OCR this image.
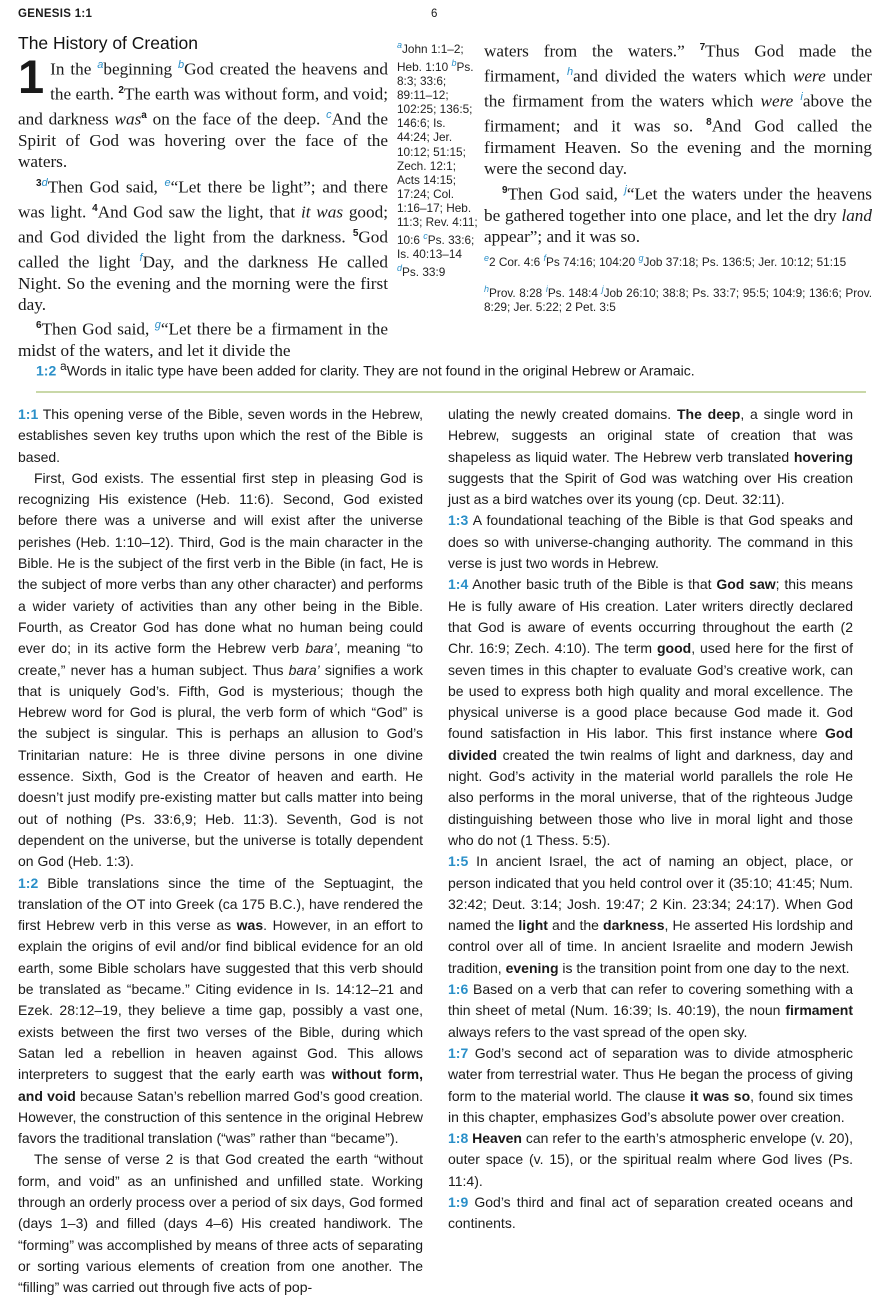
GENESIS 1:1	6
The History of Creation
1 In the $^a$beginning $^b$God created the heavens and the earth. $^2$The earth was without form, and void; and darkness was$^a$ on the face of the deep. $^c$And the Spirit of God was hovering over the face of the waters.

$^{3d}$Then God said, $^e$“Let there be light”; and there was light. $^4$And God saw the light, that it was good; and God divided the light from the darkness. $^5$God called the light $^f$Day, and the darkness He called Night. So the evening and the morning were the first day.

$^6$Then God said, $^g$“Let there be a firmament in the midst of the waters, and let it divide the

$^a$John 1:1–2; Heb. 1:10 $^b$Ps. 8:3; 33:6; 89:11–12; 102:25; 136:5; 146:6; Is. 44:24; Jer. 10:12; 51:15; Zech. 12:1; Acts 14:15; 17:24; Col. 1:16–17; Heb. 11:3; Rev. 4:11; 10:6 $^c$Ps. 33:6; Is. 40:13–14 $^d$Ps. 33:9

waters from the waters.” $^7$Thus God made the firmament, $^h$and divided the waters which were under the firmament from the waters which were $^i$above the firmament; and it was so. $^8$And God called the firmament Heaven. So the evening and the morning were the second day.

$^9$Then God said, $^j$“Let the waters under the heavens be gathered together into one place, and let the dry land appear”; and it was so.

$^e$2 Cor. 4:6 $^f$Ps 74:16; 104:20 $^g$Job 37:18; Ps. 136:5; Jer. 10:12; 51:15
$^h$Prov. 8:28 $^i$Ps. 148:4 $^j$Job 26:10; 38:8; Ps. 33:7; 95:5; 104:9; 136:6; Prov. 8:29; Jer. 5:22; 2 Pet. 3:5
1:2 $^a$Words in italic type have been added for clarity. They are not found in the original Hebrew or Aramaic.

1:1 This opening verse of the Bible, seven words in the Hebrew, establishes seven key truths upon which the rest of the Bible is based.

First, God exists. The essential first step in pleasing God is recognizing His existence (Heb. 11:6). Second, God existed before there was a universe and will exist after the universe perishes (Heb. 1:10–12). Third, God is the main character in the Bible. He is the subject of the first verb in the Bible (in fact, He is the subject of more verbs than any other character) and performs a wider variety of activities than any other being in the Bible. Fourth, as Creator God has done what no human being could ever do; in its active form the Hebrew verb bara’, meaning “to create,” never has a human subject. Thus bara’ signifies a work that is uniquely God’s. Fifth, God is mysterious; though the Hebrew word for God is plural, the verb form of which “God” is the subject is singular. This is perhaps an allusion to God’s Trinitarian nature: He is three divine persons in one divine essence. Sixth, God is the Creator of heaven and earth. He doesn’t just modify pre-existing matter but calls matter into being out of nothing (Ps. 33:6,9; Heb. 11:3). Seventh, God is not dependent on the universe, but the universe is totally dependent on God (Heb. 1:3).

1:2 Bible translations since the time of the Septuagint, the translation of the OT into Greek (ca 175 B.C.), have rendered the first Hebrew verb in this verse as was. However, in an effort to explain the origins of evil and/or find biblical evidence for an old earth, some Bible scholars have suggested that this verb should be translated as “became.” Citing evidence in Is. 14:12–21 and Ezek. 28:12–19, they believe a time gap, possibly a vast one, exists between the first two verses of the Bible, during which Satan led a rebellion in heaven against God. This allows interpreters to suggest that the early earth was without form, and void because Satan’s rebellion marred God’s good creation. However, the construction of this sentence in the original Hebrew favors the traditional translation (“was” rather than “became”).

The sense of verse 2 is that God created the earth “without form, and void” as an unfinished and unfilled state. Working through an orderly process over a period of six days, God formed (days 1–3) and filled (days 4–6) His created handiwork. The “forming” was accomplished by means of three acts of separating or sorting various elements of creation from one another. The “filling” was carried out through five acts of pop-

ulating the newly created domains. The deep, a single word in Hebrew, suggests an original state of creation that was shapeless as liquid water. The Hebrew verb translated hovering suggests that the Spirit of God was watching over His creation just as a bird watches over its young (cp. Deut. 32:11).

1:3 A foundational teaching of the Bible is that God speaks and does so with universe-changing authority. The command in this verse is just two words in Hebrew.

1:4 Another basic truth of the Bible is that God saw; this means He is fully aware of His creation. Later writers directly declared that God is aware of events occurring throughout the earth (2 Chr. 16:9; Zech. 4:10). The term good, used here for the first of seven times in this chapter to evaluate God’s creative work, can be used to express both high quality and moral excellence. The physical universe is a good place because God made it. God found satisfaction in His labor. This first instance where God divided created the twin realms of light and darkness, day and night. God’s activity in the material world parallels the role He also performs in the moral universe, that of the righteous Judge distinguishing between those who live in moral light and those who do not (1 Thess. 5:5).

1:5 In ancient Israel, the act of naming an object, place, or person indicated that you held control over it (35:10; 41:45; Num. 32:42; Deut. 3:14; Josh. 19:47; 2 Kin. 23:34; 24:17). When God named the light and the darkness, He asserted His lordship and control over all of time. In ancient Israelite and modern Jewish tradition, evening is the transition point from one day to the next.

1:6 Based on a verb that can refer to covering something with a thin sheet of metal (Num. 16:39; Is. 40:19), the noun firmament always refers to the vast spread of the open sky.

1:7 God’s second act of separation was to divide atmospheric water from terrestrial water. Thus He began the process of giving form to the material world. The clause it was so, found six times in this chapter, emphasizes God’s absolute power over creation.

1:8 Heaven can refer to the earth’s atmospheric envelope (v. 20), outer space (v. 15), or the spiritual realm where God lives (Ps. 11:4).

1:9 God’s third and final act of separation created oceans and continents.
